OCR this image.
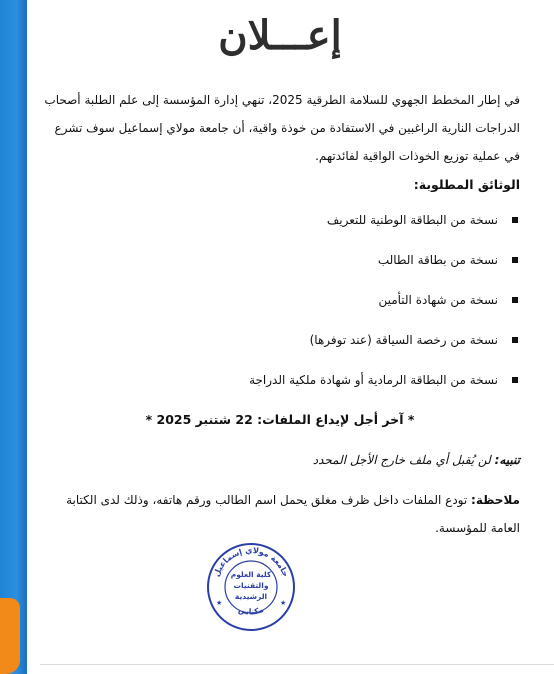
إعـــلان
في إطار المخطط الجهوي للسلامة الطرقية 2025، تنهي إدارة المؤسسة إلى علم الطلبة أصحاب الدراجات النارية الراغبين في الاستفادة من خوذة واقية، أن جامعة مولاي إسماعيل سوف تشرع في عملية توزيع الخوذات الواقية لفائدتهم.
الوثائق المطلوبة:
نسخة من البطاقة الوطنية للتعريف
نسخة من بطاقة الطالب
نسخة من شهادة التأمين
نسخة من رخصة السياقة (عند توفرها)
نسخة من البطاقة الرمادية أو شهادة ملكية الدراجة
* آخر أجل لإيداع الملفات: 22 شتنبر 2025 *
تنبيه: لن يُقبل أي ملف خارج الأجل المحدد
ملاحظة: تودع الملفات داخل ظرف مغلق يحمل اسم الطالب ورقم هاتفه، وذلك لدى الكتابة العامة للمؤسسة.
جامعة مولاي إسماعيل
مكناس
كلية العلوم
والتقنيات
الرشيدية
★	★
